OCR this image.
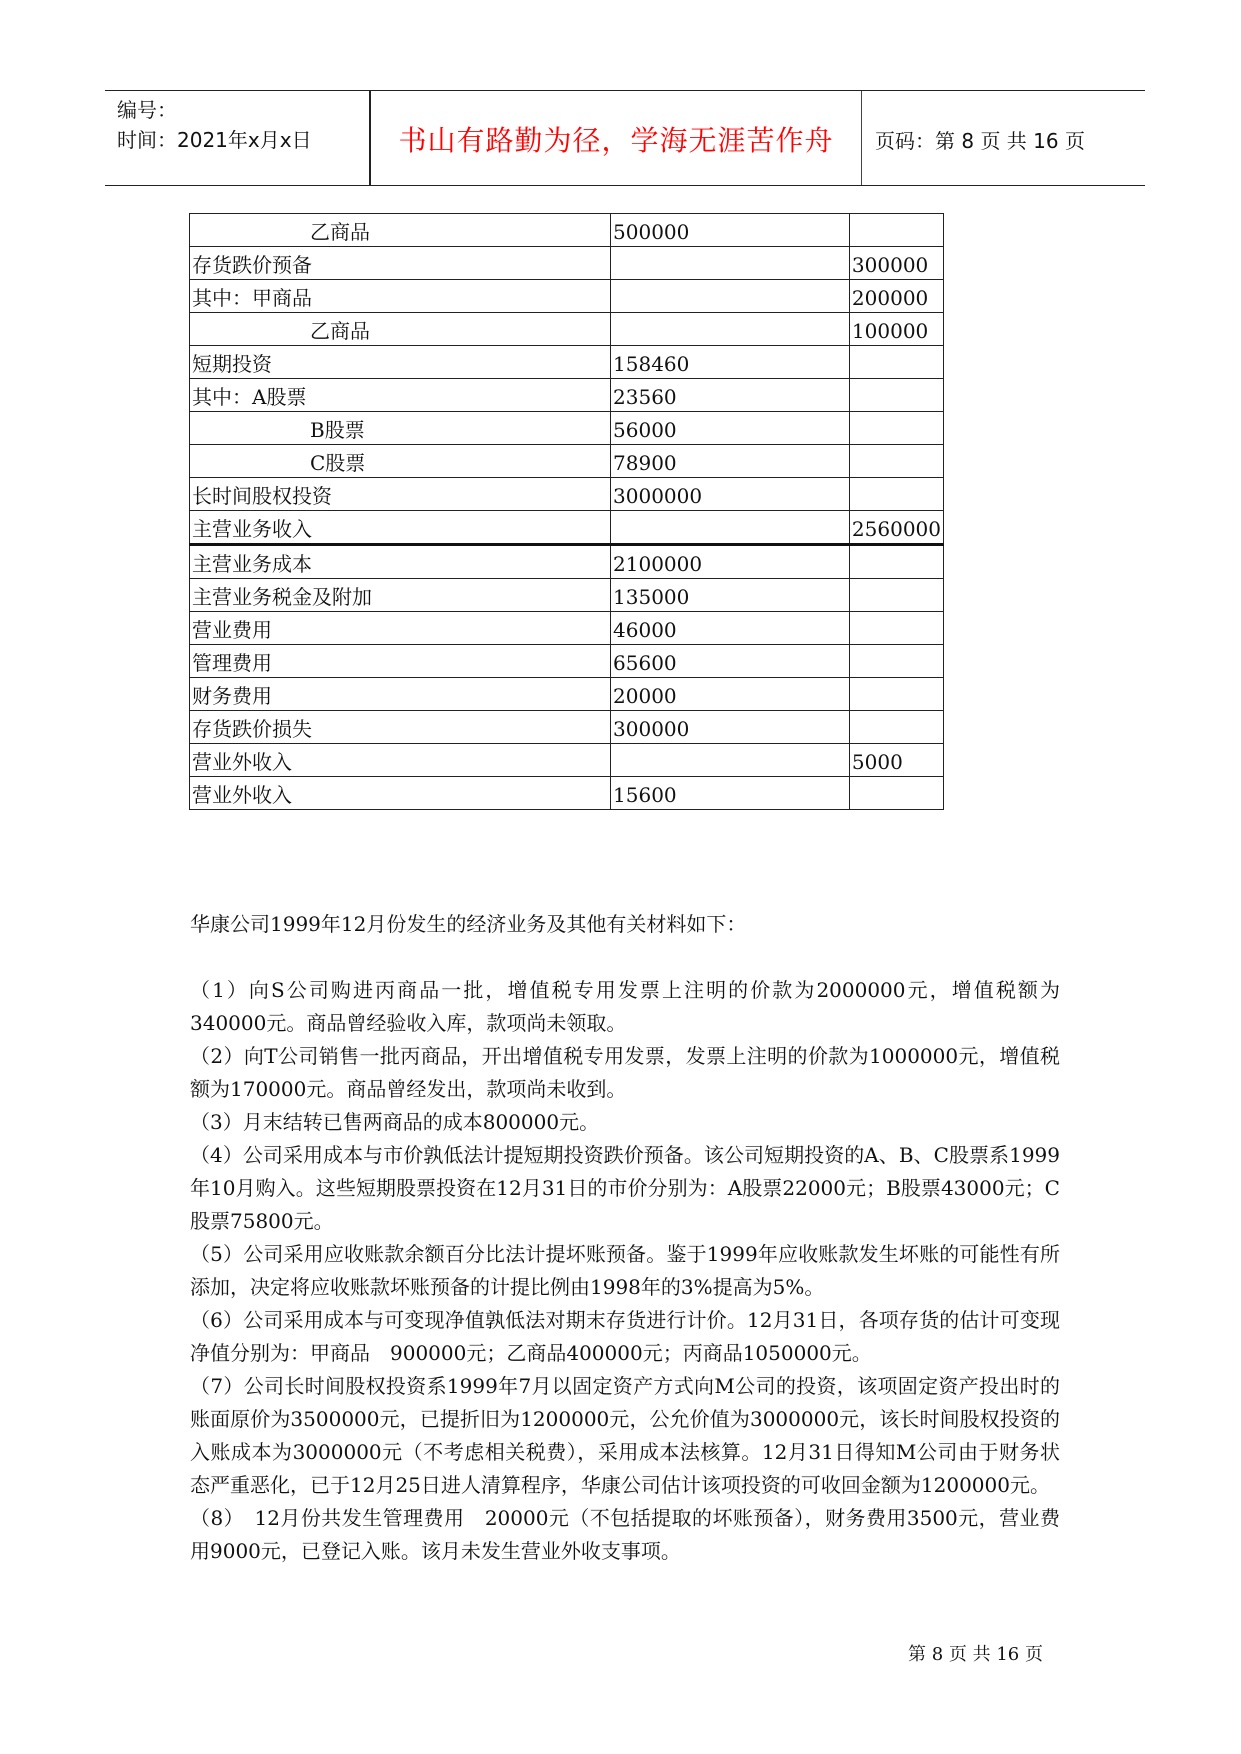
编号：
时间：2021年x月x日	书山有路勤为径，学海无涯苦作舟	页码：第 8 页 共 16 页
乙商品	500000	
存货跌价预备		300000
其中：甲商品		200000
乙商品		100000
短期投资	158460	
其中：A股票	23560	
B股票	56000	
C股票	78900	
长时间股权投资	3000000	
主营业务收入		2560000
主营业务成本	2100000	
主营业务税金及附加	135000	
营业费用	46000	
管理费用	65600	
财务费用	20000	
存货跌价损失	300000	
营业外收入		5000
营业外收入	15600	

华康公司1999年12月份发生的经济业务及其他有关材料如下：

（1）向S公司购进丙商品一批，增值税专用发票上注明的价款为2000000元，增值税额为340000元。商品曾经验收入库，款项尚未领取。

（2）向T公司销售一批丙商品，开出增值税专用发票，发票上注明的价款为1000000元，增值税额为170000元。商品曾经发出，款项尚未收到。

（3）月末结转已售两商品的成本800000元。

（4）公司采用成本与市价孰低法计提短期投资跌价预备。该公司短期投资的A、B、C股票系1999年10月购入。这些短期股票投资在12月31日的市价分别为：A股票22000元；B股票43000元；C股票75800元。

（5）公司采用应收账款余额百分比法计提坏账预备。鉴于1999年应收账款发生坏账的可能性有所添加，决定将应收账款坏账预备的计提比例由1998年的3%提高为5%。

（6）公司采用成本与可变现净值孰低法对期末存货进行计价。12月31日，各项存货的估计可变现净值分别为：甲商品　900000元；乙商品400000元；丙商品1050000元。

（7）公司长时间股权投资系1999年7月以固定资产方式向M公司的投资，该项固定资产投出时的账面原价为3500000元，已提折旧为1200000元，公允价值为3000000元，该长时间股权投资的入账成本为3000000元（不考虑相关税费），采用成本法核算。12月31日得知M公司由于财务状态严重恶化，已于12月25日进人清算程序，华康公司估计该项投资的可收回金额为1200000元。

（8）　12月份共发生管理费用　20000元（不包括提取的坏账预备），财务费用3500元，营业费用9000元，已登记入账。该月未发生营业外收支事项。

第 8 页 共 16 页
